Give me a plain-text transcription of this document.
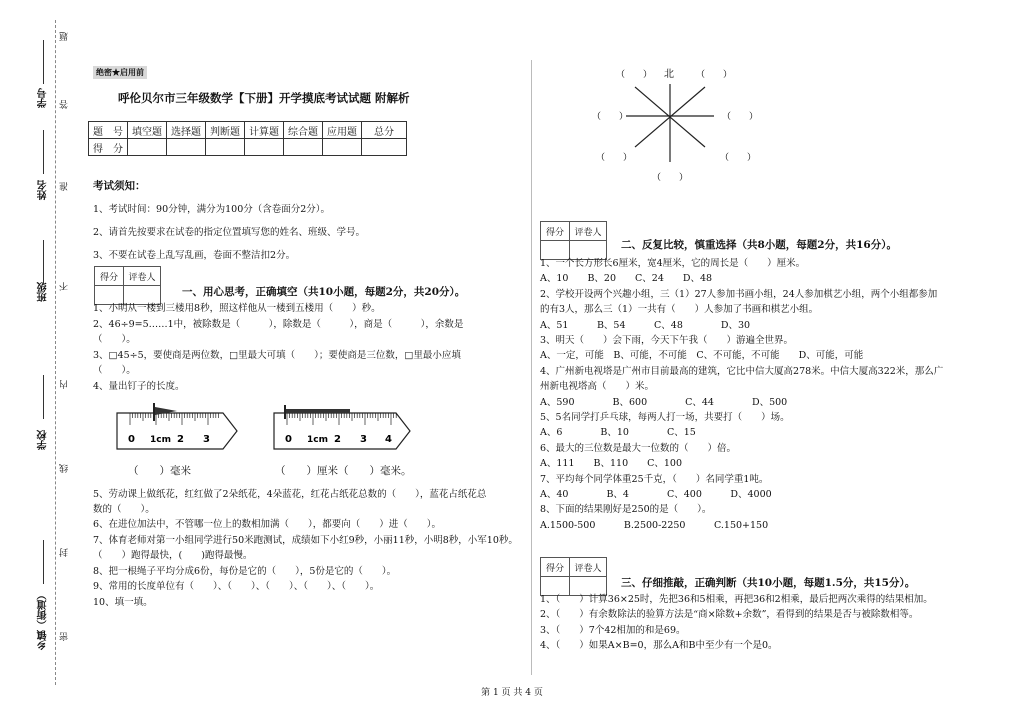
学号
姓名
班级
学校
乡镇（街道）
题
答
准
不
内
线
封
密
绝密★启用前
呼伦贝尔市三年级数学【下册】开学摸底考试试题 附解析
题　号	填空题	选择题	判断题	计算题	综合题	应用题	总分
得　分							
考试须知：
1、考试时间：90分钟，满分为100分（含卷面分2分）。
2、请首先按要求在试卷的指定位置填写您的姓名、班级、学号。
3、不要在试卷上乱写乱画，卷面不整洁扣2分。
得分	评卷人

一、用心思考，正确填空（共10小题，每题2分，共20分）。
1、小明从一楼到三楼用8秒，照这样他从一楼到五楼用（　　）秒。
2、46÷9=5……1中，被除数是（　　　），除数是（　　　），商是（　　　），余数是
（　　）。
3、□45÷5，要使商是两位数，□里最大可填（　　）；要使商是三位数，□里最小应填
（　　）。
4、量出钉子的长度。
0 1cm 2 3	0 1cm 2 3 4
（　　）毫米	（　　）厘米（　　）毫米。
5、劳动课上做纸花，红红做了2朵纸花，4朵蓝花，红花占纸花总数的（　　），蓝花占纸花总
数的（　　）。
6、在进位加法中，不管哪一位上的数相加满（　　），都要向（　　）进（　　）。
7、体育老师对第一小组同学进行50米跑测试，成绩如下小红9秒，小丽11秒，小明8秒，小军10秒。
（　　）跑得最快，(　　)跑得最慢。
8、把一根绳子平均分成6份，每份是它的（　　），5份是它的（　　）。
9、常用的长度单位有（　　）、（　　）、（　　）、（　　）、（　　）。
10、填一填。
北
（　　）	（　　）
（　　）	（　　）
（　　）	（　　）
（　　）
得分	评卷人

二、反复比较，慎重选择（共8小题，每题2分，共16分）。
1、一个长方形长6厘米，宽4厘米，它的周长是（　　）厘米。
A、10　　B、20　　C、24　　D、48
2、学校开设两个兴趣小组，三（1）27人参加书画小组，24人参加棋艺小组，两个小组都参加
的有3人，那么三（1）一共有（　　）人参加了书画和棋艺小组。
A、51　　　B、54　　　C、48　　　　D、30
3、明天（　　）会下雨，今天下午我（　　）游遍全世界。
A、一定，可能　B、可能，不可能　C、不可能，不可能　　D、可能，可能
4、广州新电视塔是广州市目前最高的建筑，它比中信大厦高278米。中信大厦高322米，那么广
州新电视塔高（　　）米。
A、590　　　　B、600　　　　C、44　　　　D、500
5、5名同学打乒乓球，每两人打一场，共要打（　　）场。
A、6　　　　B、10　　　　C、15
6、最大的三位数是最大一位数的（　　）倍。
A、111　　B、110　　C、100
7、平均每个同学体重25千克，（　　）名同学重1吨。
A、40　　　　B、4　　　　C、400　　　D、4000
8、下面的结果刚好是250的是（　　）。
A.1500-500　　　B.2500-2250　　　C.150+150
得分	评卷人

三、仔细推敲，正确判断（共10小题，每题1.5分，共15分）。
1、（　　）计算36×25时，先把36和5相乘，再把36和2相乘，最后把两次乘得的结果相加。
2、（　　）有余数除法的验算方法是“商×除数+余数”，看得到的结果是否与被除数相等。
3、（　　）7个42相加的和是69。
4、（　　）如果A×B=0，那么A和B中至少有一个是0。
第 1 页 共 4 页
